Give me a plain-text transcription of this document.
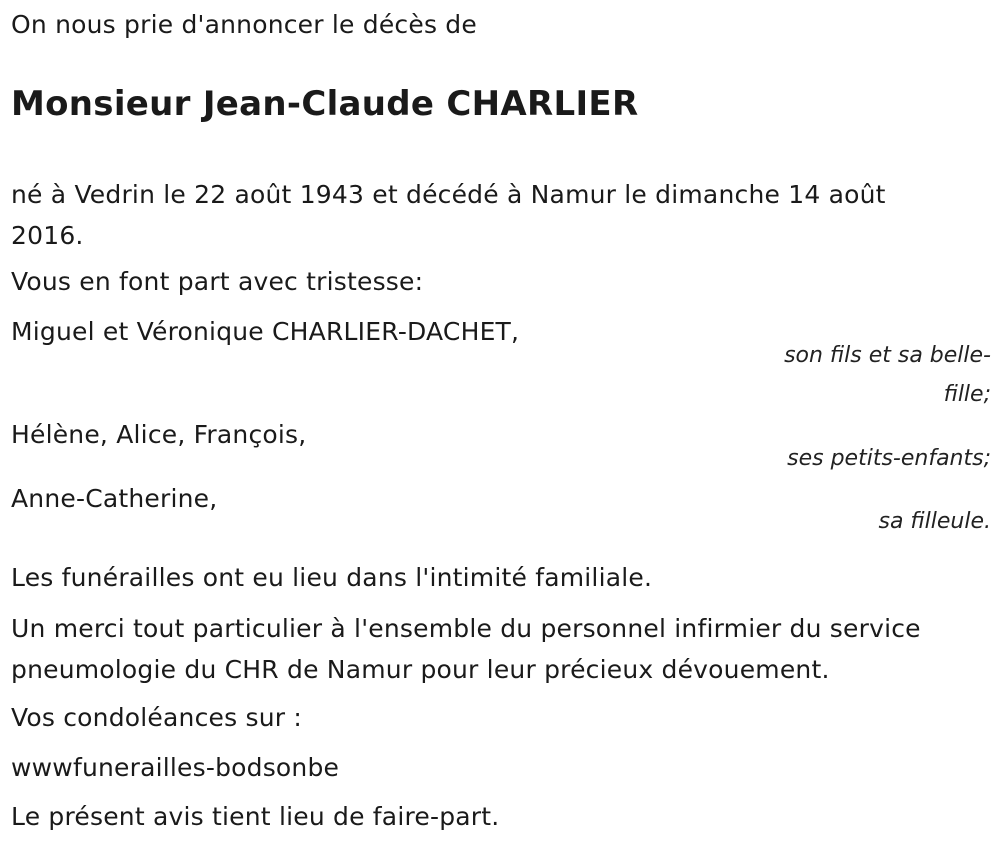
On nous prie d'annoncer le décès de
Monsieur Jean-Claude CHARLIER
né à Vedrin le 22 août 1943 et décédé à Namur le dimanche 14 août 2016.
Vous en font part avec tristesse:
Miguel et Véronique CHARLIER-DACHET,
son fils et sa belle-
fille;
Hélène, Alice, François,
ses petits-enfants;
Anne-Catherine,
sa filleule.
Les funérailles ont eu lieu dans l'intimité familiale.
Un merci tout particulier à l'ensemble du personnel infirmier du service pneumologie du CHR de Namur pour leur précieux dévouement.
Vos condoléances sur :
wwwfunerailles-bodsonbe
Le présent avis tient lieu de faire-part.
